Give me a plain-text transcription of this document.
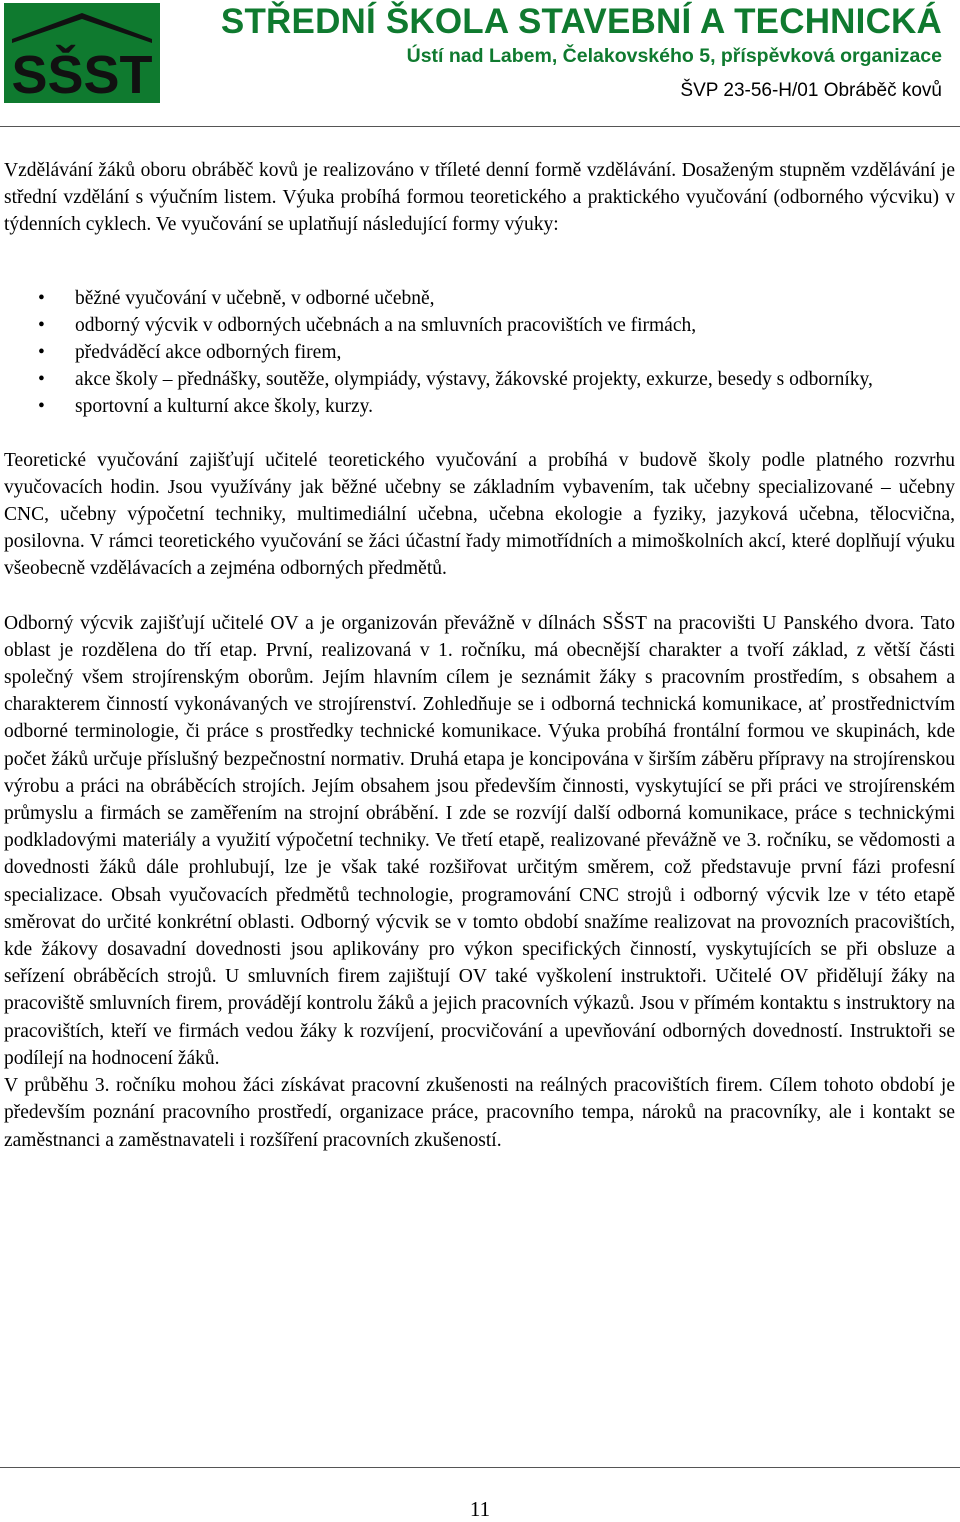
SŠST
STŘEDNÍ ŠKOLA STAVEBNÍ A TECHNICKÁ
Ústí nad Labem, Čelakovského 5, příspěvková organizace
ŠVP 23-56-H/01 Obráběč kovů

Vzdělávání žáků oboru obráběč kovů je realizováno v tříleté denní formě vzdělávání. Dosaženým stupněm vzdělávání je střední vzdělání s výučním listem. Výuka probíhá formou teoretického a praktického vyučování (odborného výcviku) v týdenních cyklech. Ve vyučování se uplatňují následující formy výuky:

• běžné vyučování v učebně, v odborné učebně,
• odborný výcvik v odborných učebnách a na smluvních pracovištích ve firmách,
• předváděcí akce odborných firem,
• akce školy – přednášky, soutěže, olympiády, výstavy, žákovské projekty, exkurze, besedy s odborníky,
• sportovní a kulturní akce školy, kurzy.

Teoretické vyučování zajišťují učitelé teoretického vyučování a probíhá v budově školy podle platného rozvrhu vyučovacích hodin. Jsou využívány jak běžné učebny se základním vybavením, tak učebny specializované – učebny CNC, učebny výpočetní techniky, multimediální učebna, učebna ekologie a fyziky, jazyková učebna, tělocvična, posilovna. V rámci teoretického vyučování se žáci účastní řady mimotřídních a mimoškolních akcí, které doplňují výuku všeobecně vzdělávacích a zejména odborných předmětů.

Odborný výcvik zajišťují učitelé OV a je organizován převážně v dílnách SŠST na pracovišti U Panského dvora. Tato oblast je rozdělena do tří etap. První, realizovaná v 1. ročníku, má obecnější charakter a tvoří základ, z větší části společný všem strojírenským oborům. Jejím hlavním cílem je seznámit žáky s pracovním prostředím, s obsahem a charakterem činností vykonávaných ve strojírenství. Zohledňuje se i odborná technická komunikace, ať prostřednictvím odborné terminologie, či práce s prostředky technické komunikace. Výuka probíhá frontální formou ve skupinách, kde počet žáků určuje příslušný bezpečnostní normativ. Druhá etapa je koncipována v širším záběru přípravy na strojírenskou výrobu a práci na obráběcích strojích. Jejím obsahem jsou především činnosti, vyskytující se při práci ve strojírenském průmyslu a firmách se zaměřením na strojní obrábění. I zde se rozvíjí další odborná komunikace, práce s technickými podkladovými materiály a využití výpočetní techniky. Ve třetí etapě, realizované převážně ve 3. ročníku, se vědomosti a dovednosti žáků dále prohlubují, lze je však také rozšiřovat určitým směrem, což představuje první fázi profesní specializace. Obsah vyučovacích předmětů technologie, programování CNC strojů i odborný výcvik lze v této etapě směrovat do určité konkrétní oblasti. Odborný výcvik se v tomto období snažíme realizovat na provozních pracovištích, kde žákovy dosavadní dovednosti jsou aplikovány pro výkon specifických činností, vyskytujících se při obsluze a seřízení obráběcích strojů. U smluvních firem zajištují OV také vyškolení instruktoři. Učitelé OV přidělují žáky na pracoviště smluvních firem, provádějí kontrolu žáků a jejich pracovních výkazů. Jsou v přímém kontaktu s instruktory na pracovištích, kteří ve firmách vedou žáky k rozvíjení, procvičování a upevňování odborných dovedností. Instruktoři se podílejí na hodnocení žáků.

V průběhu 3. ročníku mohou žáci získávat pracovní zkušenosti na reálných pracovištích firem. Cílem tohoto období je především poznání pracovního prostředí, organizace práce, pracovního tempa, nároků na pracovníky, ale i kontakt se zaměstnanci a zaměstnavateli i rozšíření pracovních zkušeností.

11
